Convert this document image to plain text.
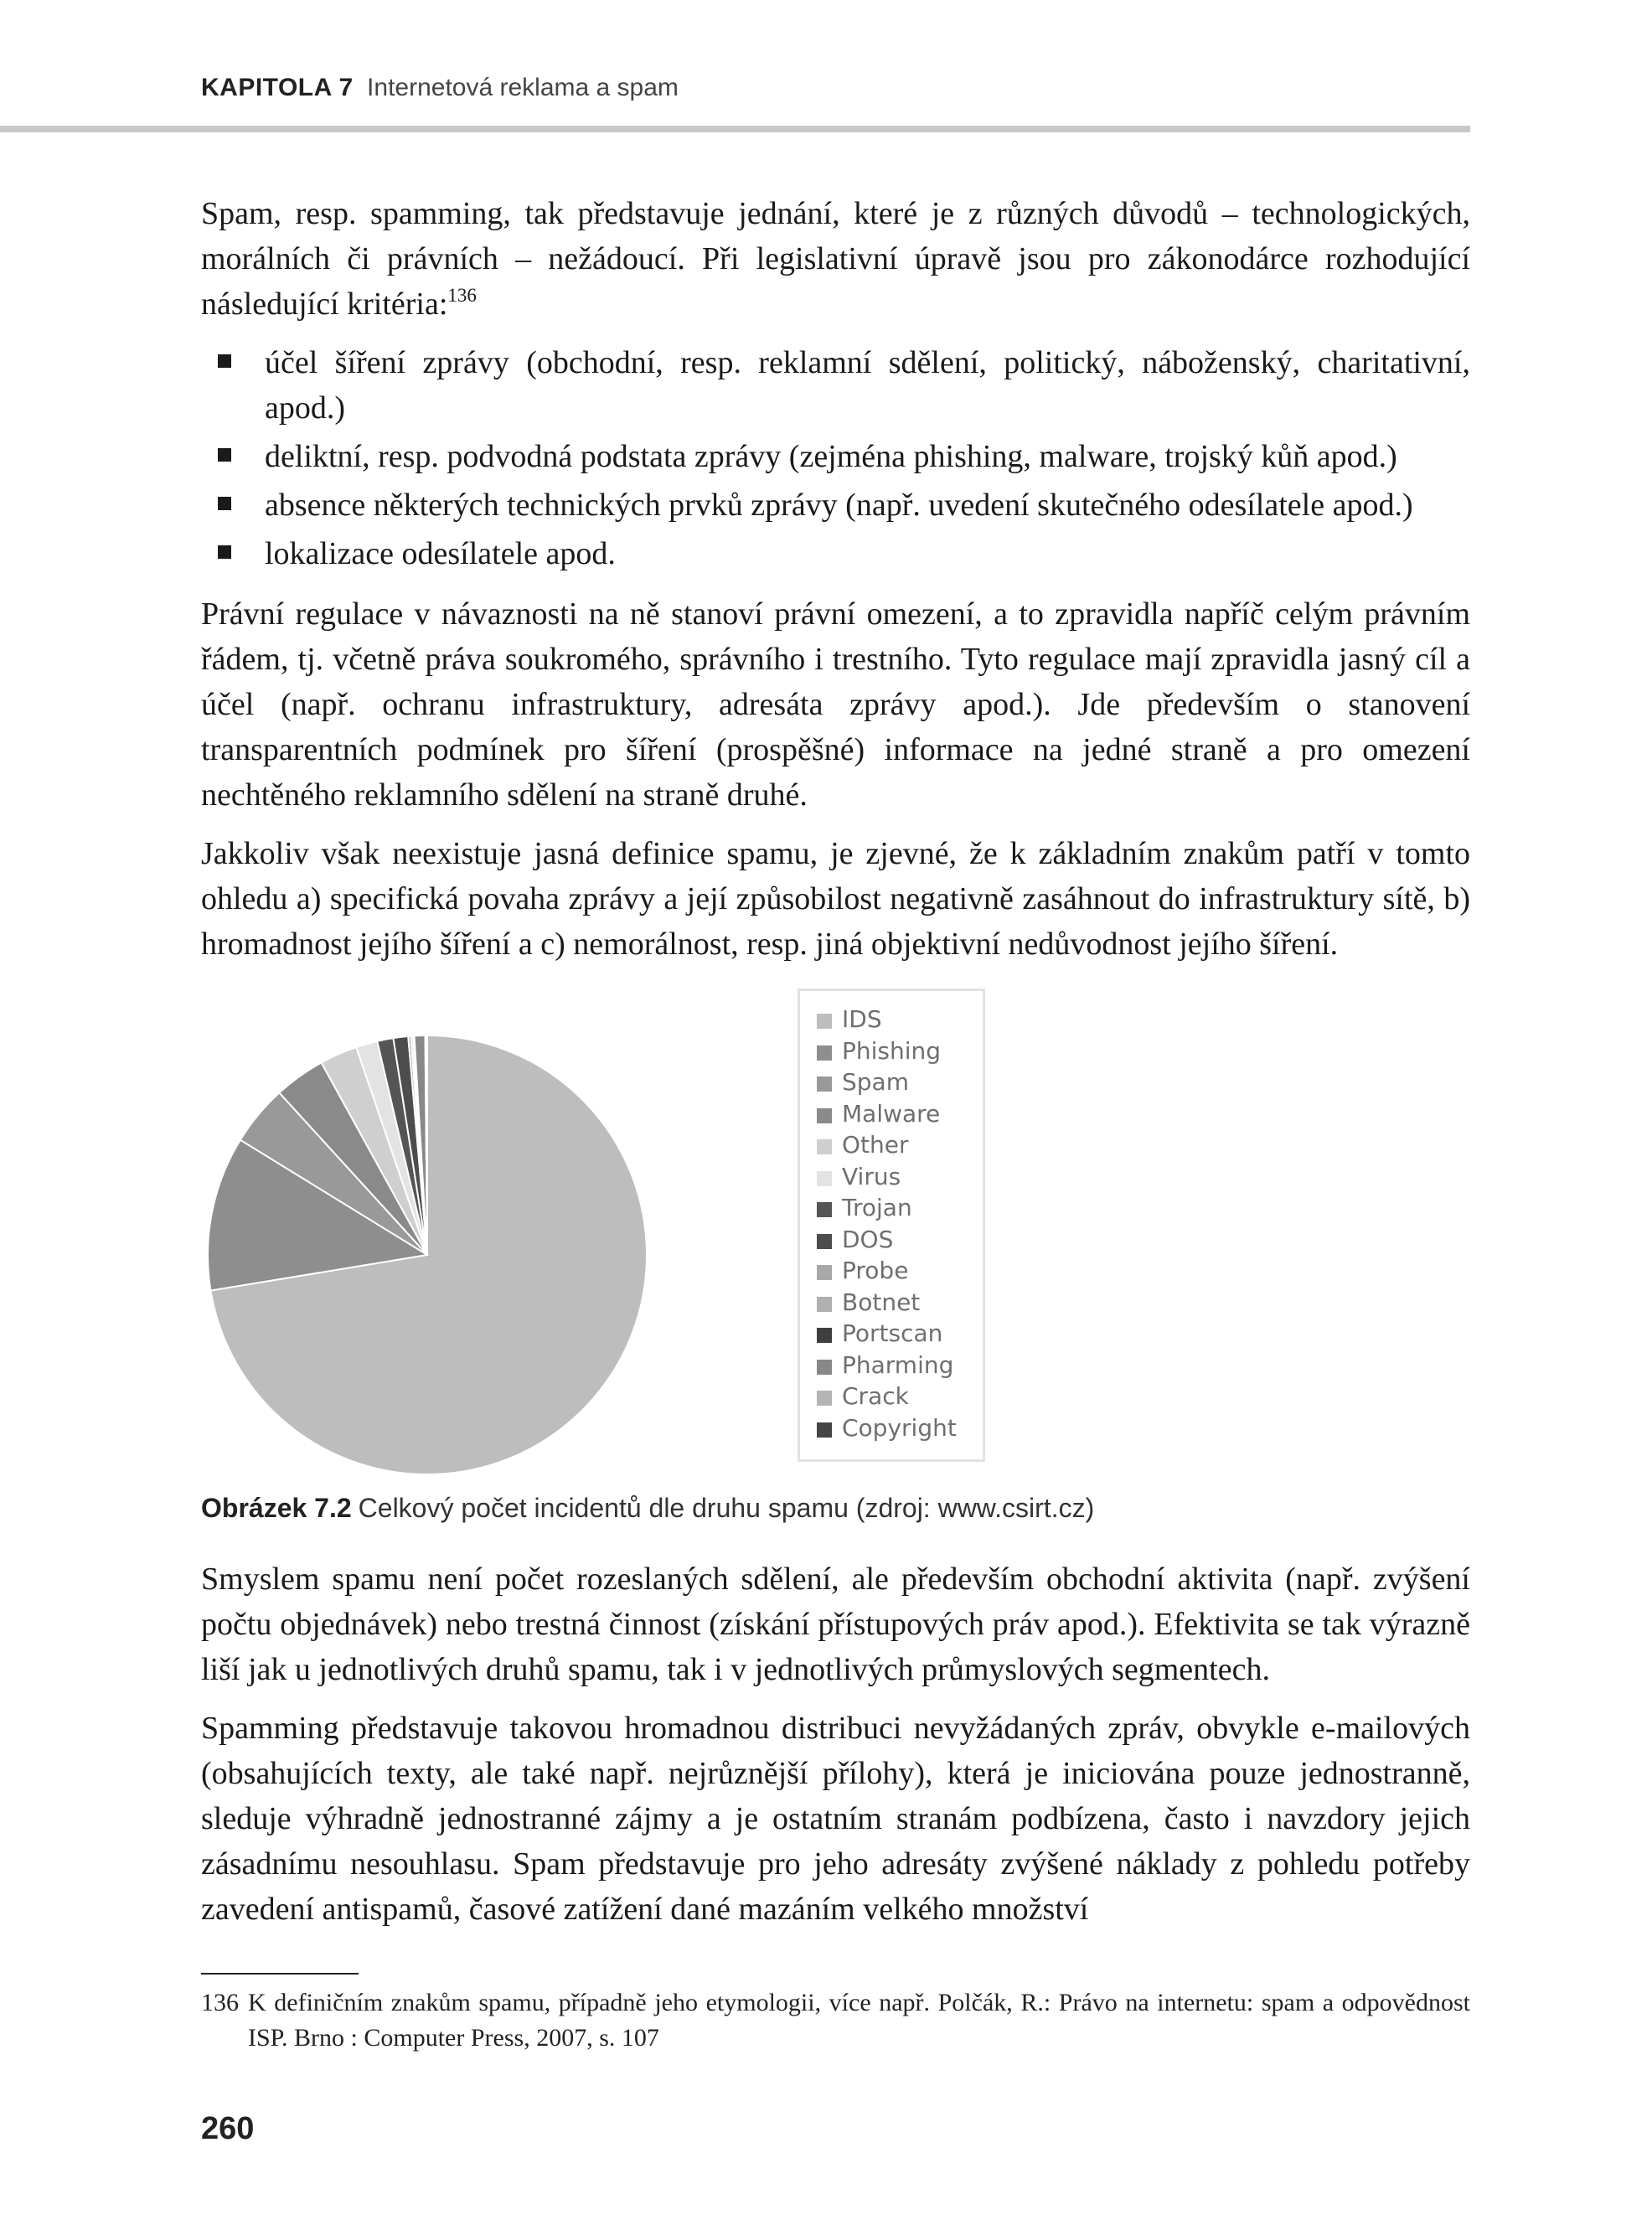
KAPITOLA 7 Internetová reklama a spam

Spam, resp. spamming, tak představuje jednání, které je z různých důvodů – technologických, morálních či právních – nežádoucí. Při legislativní úpravě jsou pro zákonodárce rozhodující následující kritéria:$^{136}$

účel šíření zprávy (obchodní, resp. reklamní sdělení, politický, náboženský, charitativní, apod.)
deliktní, resp. podvodná podstata zprávy (zejména phishing, malware, trojský kůň apod.)
absence některých technických prvků zprávy (např. uvedení skutečného odesílatele apod.)
lokalizace odesílatele apod.

Právní regulace v návaznosti na ně stanoví právní omezení, a to zpravidla napříč celým právním řádem, tj. včetně práva soukromého, správního i trestního. Tyto regulace mají zpravidla jasný cíl a účel (např. ochranu infrastruktury, adresáta zprávy apod.). Jde především o stanovení transparentních podmínek pro šíření (prospěšné) informace na jedné straně a pro omezení nechtěného reklamního sdělení na straně druhé.

Jakkoliv však neexistuje jasná definice spamu, je zjevné, že k základním znakům patří v tomto ohledu a) specifická povaha zprávy a její způsobilost negativně zasáhnout do infrastruktury sítě, b) hromadnost jejího šíření a c) nemorálnost, resp. jiná objektivní nedůvodnost jejího šíření.

IDS
Phishing
Spam
Malware
Other
Virus
Trojan
DOS
Probe
Botnet
Portscan
Pharming
Crack
Copyright
Obrázek 7.2 Celkový počet incidentů dle druhu spamu (zdroj: www.csirt.cz)

Smyslem spamu není počet rozeslaných sdělení, ale především obchodní aktivita (např. zvýšení počtu objednávek) nebo trestná činnost (získání přístupových práv apod.). Efektivita se tak výrazně liší jak u jednotlivých druhů spamu, tak i v jednotlivých průmyslových segmentech.

Spamming představuje takovou hromadnou distribuci nevyžádaných zpráv, obvykle e-mailových (obsahujících texty, ale také např. nejrůznější přílohy), která je iniciována pouze jednostranně, sleduje výhradně jednostranné zájmy a je ostatním stranám podbízena, často i navzdory jejich zásadnímu nesouhlasu. Spam představuje pro jeho adresáty zvýšené náklady z pohledu potřeby zavedení antispamů, časové zatížení dané mazáním velkého množství

136 K definičním znakům spamu, případně jeho etymologii, více např. Polčák, R.: Právo na internetu: spam a odpovědnost ISP. Brno : Computer Press, 2007, s. 107
260
